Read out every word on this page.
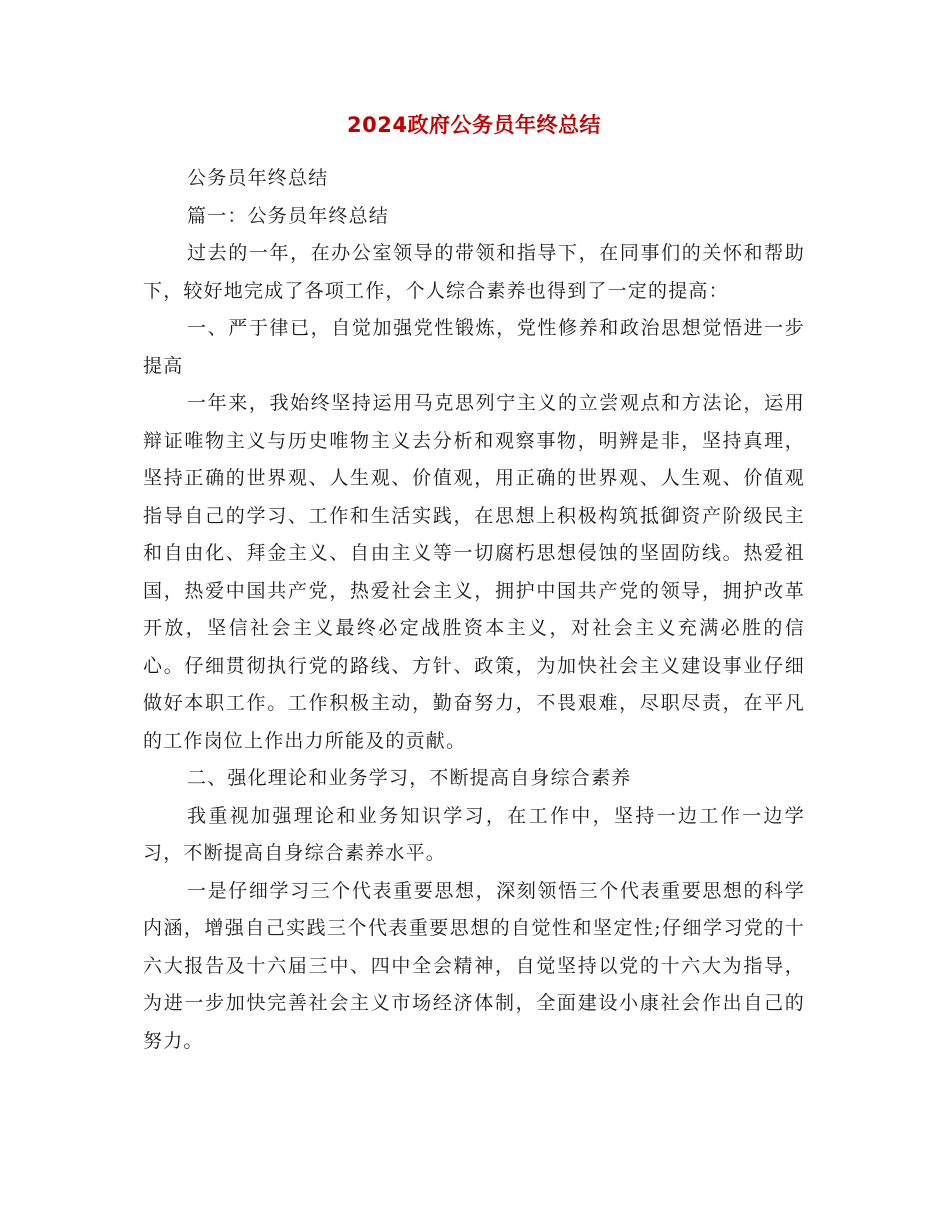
2024政府公务员年终总结

公务员年终总结

篇一：公务员年终总结

过去的一年，在办公室领导的带领和指导下，在同事们的关怀和帮助下，较好地完成了各项工作，个人综合素养也得到了一定的提高：

一、严于律已，自觉加强党性锻炼，党性修养和政治思想觉悟进一步提高

一年来，我始终坚持运用马克思列宁主义的立尝观点和方法论，运用辩证唯物主义与历史唯物主义去分析和观察事物，明辨是非，坚持真理，坚持正确的世界观、人生观、价值观，用正确的世界观、人生观、价值观指导自己的学习、工作和生活实践，在思想上积极构筑抵御资产阶级民主和自由化、拜金主义、自由主义等一切腐朽思想侵蚀的坚固防线。热爱祖国，热爱中国共产党，热爱社会主义，拥护中国共产党的领导，拥护改革开放，坚信社会主义最终必定战胜资本主义，对社会主义充满必胜的信心。仔细贯彻执行党的路线、方针、政策，为加快社会主义建设事业仔细做好本职工作。工作积极主动，勤奋努力，不畏艰难，尽职尽责，在平凡的工作岗位上作出力所能及的贡献。

二、强化理论和业务学习，不断提高自身综合素养

我重视加强理论和业务知识学习，在工作中，坚持一边工作一边学习，不断提高自身综合素养水平。

一是仔细学习三个代表重要思想，深刻领悟三个代表重要思想的科学内涵，增强自己实践三个代表重要思想的自觉性和坚定性;仔细学习党的十六大报告及十六届三中、四中全会精神，自觉坚持以党的十六大为指导，为进一步加快完善社会主义市场经济体制，全面建设小康社会作出自己的努力。
